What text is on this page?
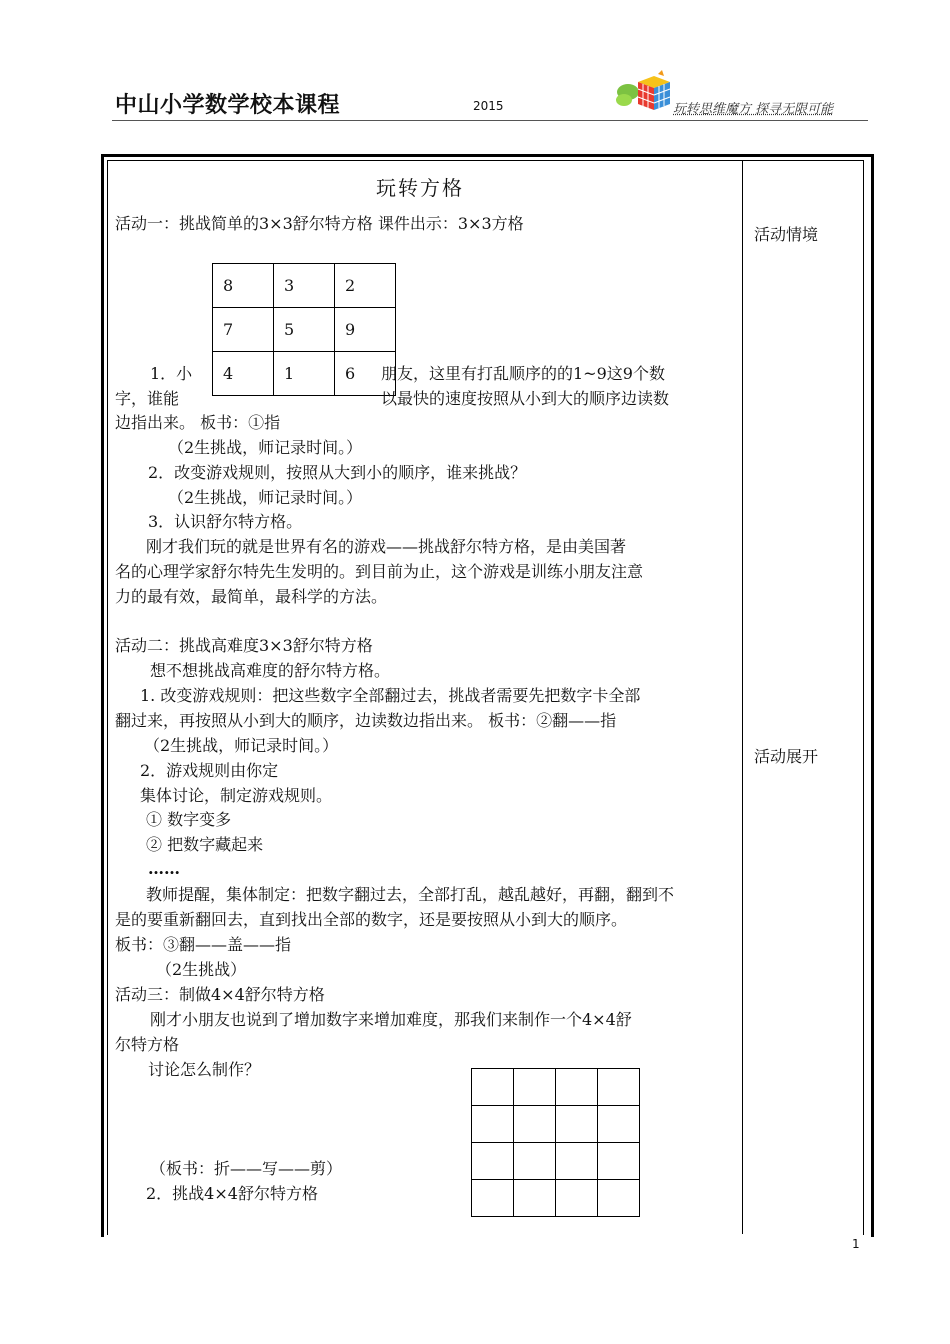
中山小学数学校本课程	2015	玩转思维魔方 探寻无限可能
玩转方格
活动情境
活动展开
活动一：挑战简单的3×3舒尔特方格 课件出示：3×3方格
8	3	2
7	5	9
4	1	6
1．小	朋友，这里有打乱顺序的的1~9这9个数
字，谁能	以最快的速度按照从小到大的顺序边读数
边指出来。 板书：①指
（2生挑战，师记录时间。）
2．改变游戏规则，按照从大到小的顺序，谁来挑战？
（2生挑战，师记录时间。）
3．认识舒尔特方格。
刚才我们玩的就是世界有名的游戏——挑战舒尔特方格，是由美国著
名的心理学家舒尔特先生发明的。到目前为止，这个游戏是训练小朋友注意
力的最有效，最简单，最科学的方法。
活动二：挑战高难度3×3舒尔特方格
想不想挑战高难度的舒尔特方格。
1. 改变游戏规则：把这些数字全部翻过去，挑战者需要先把数字卡全部
翻过来，再按照从小到大的顺序，边读数边指出来。 板书：②翻——指
（2生挑战，师记录时间。）
2．游戏规则由你定
集体讨论，制定游戏规则。
① 数字变多
② 把数字藏起来
……
教师提醒，集体制定：把数字翻过去，全部打乱，越乱越好，再翻，翻到不
是的要重新翻回去，直到找出全部的数字，还是要按照从小到大的顺序。
板书：③翻——盖——指
（2生挑战）
活动三：制做4×4舒尔特方格
刚才小朋友也说到了增加数字来增加难度，那我们来制作一个4×4舒
尔特方格
讨论怎么制作？

（板书：折——写——剪）
2．挑战4×4舒尔特方格
1
